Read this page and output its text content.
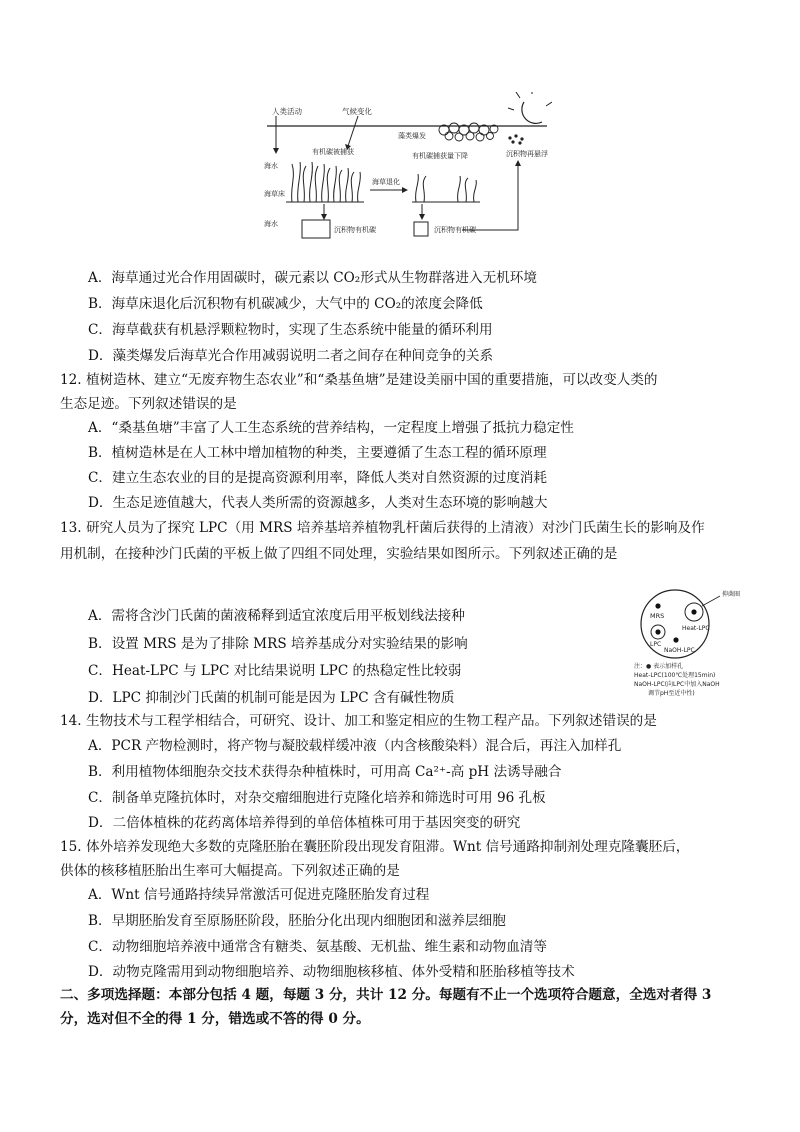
人类活动	气候变化
藻类爆发
沉积物再悬浮
海水
海草床
海水
有机碳被捕获
海草退化
有机碳捕获量下降
沉积物有机碳	沉积物有机碳
A．海草通过光合作用固碳时，碳元素以 CO₂形式从生物群落进入无机环境
B．海草床退化后沉积物有机碳减少，大气中的 CO₂的浓度会降低
C．海草截获有机悬浮颗粒物时，实现了生态系统中能量的循环利用
D．藻类爆发后海草光合作用减弱说明二者之间存在种间竞争的关系
12. 植树造林、建立“无废弃物生态农业”和“桑基鱼塘”是建设美丽中国的重要措施，可以改变人类的
生态足迹。下列叙述错误的是
A．“桑基鱼塘”丰富了人工生态系统的营养结构，一定程度上增强了抵抗力稳定性
B．植树造林是在人工林中增加植物的种类，主要遵循了生态工程的循环原理
C．建立生态农业的目的是提高资源利用率，降低人类对自然资源的过度消耗
D．生态足迹值越大，代表人类所需的资源越多，人类对生态环境的影响越大
13. 研究人员为了探究 LPC（用 MRS 培养基培养植物乳杆菌后获得的上清液）对沙门氏菌生长的影响及作
用机制，在接种沙门氏菌的平板上做了四组不同处理，实验结果如图所示。下列叙述正确的是
A．需将含沙门氏菌的菌液稀释到适宜浓度后用平板划线法接种
B．设置 MRS 是为了排除 MRS 培养基成分对实验结果的影响
C．Heat-LPC 与 LPC 对比结果说明 LPC 的热稳定性比较弱
D．LPC 抑制沙门氏菌的机制可能是因为 LPC 含有碱性物质
MRS
Heat-LPC
LPC
NaOH-LPC
抑菌圈
注：● 表示加样孔
Heat-LPC(100℃处理15min)
NaOH-LPC(向LPC中加入NaOH
调节pH至近中性)
14. 生物技术与工程学相结合，可研究、设计、加工和鉴定相应的生物工程产品。下列叙述错误的是
A．PCR 产物检测时，将产物与凝胶载样缓冲液（内含核酸染料）混合后，再注入加样孔
B．利用植物体细胞杂交技术获得杂种植株时，可用高 Ca²⁺-高 pH 法诱导融合
C．制备单克隆抗体时，对杂交瘤细胞进行克隆化培养和筛选时可用 96 孔板
D．二倍体植株的花药离体培养得到的单倍体植株可用于基因突变的研究
15. 体外培养发现绝大多数的克隆胚胎在囊胚阶段出现发育阻滞。Wnt 信号通路抑制剂处理克隆囊胚后，
供体的核移植胚胎出生率可大幅提高。下列叙述正确的是
A．Wnt 信号通路持续异常激活可促进克隆胚胎发育过程
B．早期胚胎发育至原肠胚阶段，胚胎分化出现内细胞团和滋养层细胞
C．动物细胞培养液中通常含有糖类、氨基酸、无机盐、维生素和动物血清等
D．动物克隆需用到动物细胞培养、动物细胞核移植、体外受精和胚胎移植等技术
二、多项选择题：本部分包括 4 题，每题 3 分，共计 12 分。每题有不止一个选项符合题意，全选对者得 3
分，选对但不全的得 1 分，错选或不答的得 0 分。
